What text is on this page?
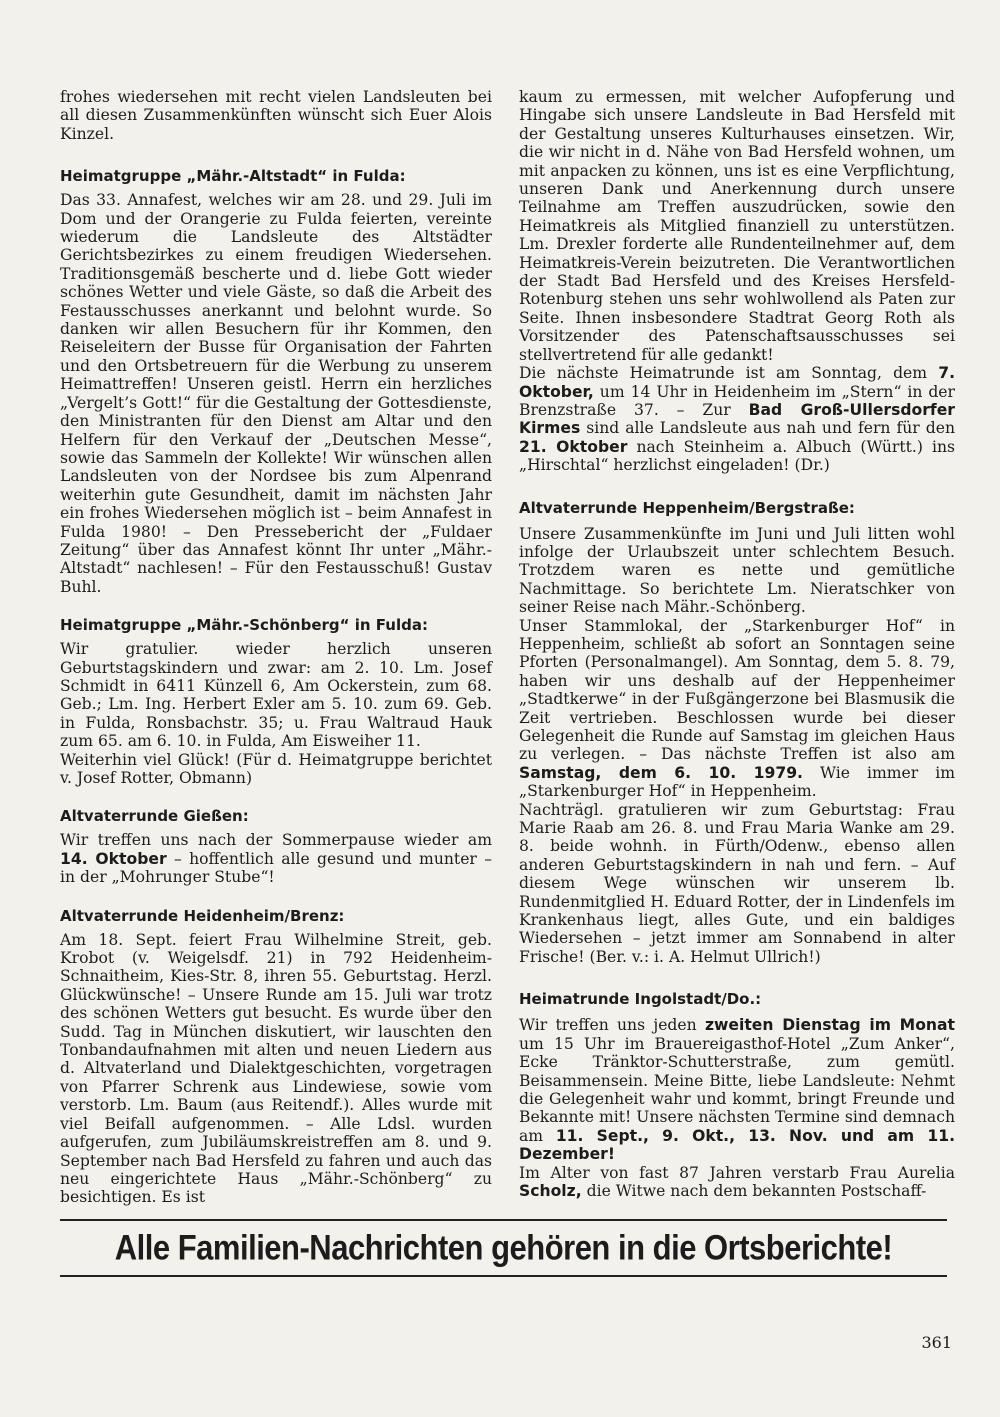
frohes wiedersehen mit recht vielen Landsleuten bei all diesen Zusammenkünften wünscht sich Euer Alois Kinzel.

Heimatgruppe „Mähr.-Altstadt“ in Fulda:

Das 33. Annafest, welches wir am 28. und 29. Juli im Dom und der Orangerie zu Fulda feierten, vereinte wiederum die Landsleute des Altstädter Gerichtsbezirkes zu einem freudigen Wiedersehen. Traditionsgemäß bescherte und d. liebe Gott wieder schönes Wetter und viele Gäste, so daß die Arbeit des Festausschusses anerkannt und belohnt wurde. So danken wir allen Besuchern für ihr Kommen, den Reiseleitern der Busse für Organisation der Fahrten und den Ortsbetreuern für die Werbung zu unserem Heimattreffen! Unseren geistl. Herrn ein herzliches „Vergelt’s Gott!“ für die Gestaltung der Gottesdienste, den Ministranten für den Dienst am Altar und den Helfern für den Verkauf der „Deutschen Messe“, sowie das Sammeln der Kollekte! Wir wünschen allen Landsleuten von der Nordsee bis zum Alpenrand weiterhin gute Gesundheit, damit im nächsten Jahr ein frohes Wiedersehen möglich ist – beim Annafest in Fulda 1980! – Den Pressebericht der „Fuldaer Zeitung“ über das Annafest könnt Ihr unter „Mähr.-Altstadt“ nachlesen! – Für den Festausschuß! Gustav Buhl.

Heimatgruppe „Mähr.-Schönberg“ in Fulda:

Wir gratulier. wieder herzlich unseren Geburtstagskindern und zwar: am 2. 10. Lm. Josef Schmidt in 6411 Künzell 6, Am Ockerstein, zum 68. Geb.; Lm. Ing. Herbert Exler am 5. 10. zum 69. Geb. in Fulda, Ronsbachstr. 35; u. Frau Waltraud Hauk zum 65. am 6. 10. in Fulda, Am Eisweiher 11.

Weiterhin viel Glück! (Für d. Heimatgruppe berichtet v. Josef Rotter, Obmann)

Altvaterrunde Gießen:

Wir treffen uns nach der Sommerpause wieder am 14. Oktober – hoffentlich alle gesund und munter – in der „Mohrunger Stube“!

Altvaterrunde Heidenheim/Brenz:

Am 18. Sept. feiert Frau Wilhelmine Streit, geb. Krobot (v. Weigelsdf. 21) in 792 Heidenheim-Schnaitheim, Kies-Str. 8, ihren 55. Geburtstag. Herzl. Glückwünsche! – Unsere Runde am 15. Juli war trotz des schönen Wetters gut besucht. Es wurde über den Sudd. Tag in München diskutiert, wir lauschten den Tonbandaufnahmen mit alten und neuen Liedern aus d. Altvaterland und Dialektgeschichten, vorgetragen von Pfarrer Schrenk aus Lindewiese, sowie vom verstorb. Lm. Baum (aus Reitendf.). Alles wurde mit viel Beifall aufgenommen. – Alle Ldsl. wurden aufgerufen, zum Jubiläumskreistreffen am 8. und 9. September nach Bad Hersfeld zu fahren und auch das neu eingerichtete Haus „Mähr.-Schönberg“ zu besichtigen. Es ist

kaum zu ermessen, mit welcher Aufopferung und Hingabe sich unsere Landsleute in Bad Hersfeld mit der Gestaltung unseres Kulturhauses einsetzen. Wir, die wir nicht in d. Nähe von Bad Hersfeld wohnen, um mit anpacken zu können, uns ist es eine Verpflichtung, unseren Dank und Anerkennung durch unsere Teilnahme am Treffen auszudrücken, sowie den Heimatkreis als Mitglied finanziell zu unterstützen. Lm. Drexler forderte alle Rundenteilnehmer auf, dem Heimatkreis-Verein beizutreten. Die Verantwortlichen der Stadt Bad Hersfeld und des Kreises Hersfeld-Rotenburg stehen uns sehr wohlwollend als Paten zur Seite. Ihnen insbesondere Stadtrat Georg Roth als Vorsitzender des Patenschaftsausschusses sei stellvertretend für alle gedankt!

Die nächste Heimatrunde ist am Sonntag, dem 7. Oktober, um 14 Uhr in Heidenheim im „Stern“ in der Brenzstraße 37. – Zur Bad Groß-Ullersdorfer Kirmes sind alle Landsleute aus nah und fern für den 21. Oktober nach Steinheim a. Albuch (Württ.) ins „Hirschtal“ herzlichst eingeladen! (Dr.)

Altvaterrunde Heppenheim/Bergstraße:

Unsere Zusammenkünfte im Juni und Juli litten wohl infolge der Urlaubszeit unter schlechtem Besuch. Trotzdem waren es nette und gemütliche Nachmittage. So berichtete Lm. Nieratschker von seiner Reise nach Mähr.-Schönberg.

Unser Stammlokal, der „Starkenburger Hof“ in Heppenheim, schließt ab sofort an Sonntagen seine Pforten (Personalmangel). Am Sonntag, dem 5. 8. 79, haben wir uns deshalb auf der Heppenheimer „Stadtkerwe“ in der Fußgängerzone bei Blasmusik die Zeit vertrieben. Beschlossen wurde bei dieser Gelegenheit die Runde auf Samstag im gleichen Haus zu verlegen. – Das nächste Treffen ist also am Samstag, dem 6. 10. 1979. Wie immer im „Starkenburger Hof“ in Heppenheim.

Nachträgl. gratulieren wir zum Geburtstag: Frau Marie Raab am 26. 8. und Frau Maria Wanke am 29. 8. beide wohnh. in Fürth/Odenw., ebenso allen anderen Geburtstagskindern in nah und fern. – Auf diesem Wege wünschen wir unserem lb. Rundenmitglied H. Eduard Rotter, der in Lindenfels im Krankenhaus liegt, alles Gute, und ein baldiges Wiedersehen – jetzt immer am Sonnabend in alter Frische! (Ber. v.: i. A. Helmut Ullrich!)

Heimatrunde Ingolstadt/Do.:

Wir treffen uns jeden zweiten Dienstag im Monat um 15 Uhr im Brauereigasthof-Hotel „Zum Anker“, Ecke Tränktor-Schutterstraße, zum gemütl. Beisammensein. Meine Bitte, liebe Landsleute: Nehmt die Gelegenheit wahr und kommt, bringt Freunde und Bekannte mit! Unsere nächsten Termine sind demnach am 11. Sept., 9. Okt., 13. Nov. und am 11. Dezember!

Im Alter von fast 87 Jahren verstarb Frau Aurelia Scholz, die Witwe nach dem bekannten Postschaff-

Alle Familien-Nachrichten gehören in die Ortsberichte!
361
